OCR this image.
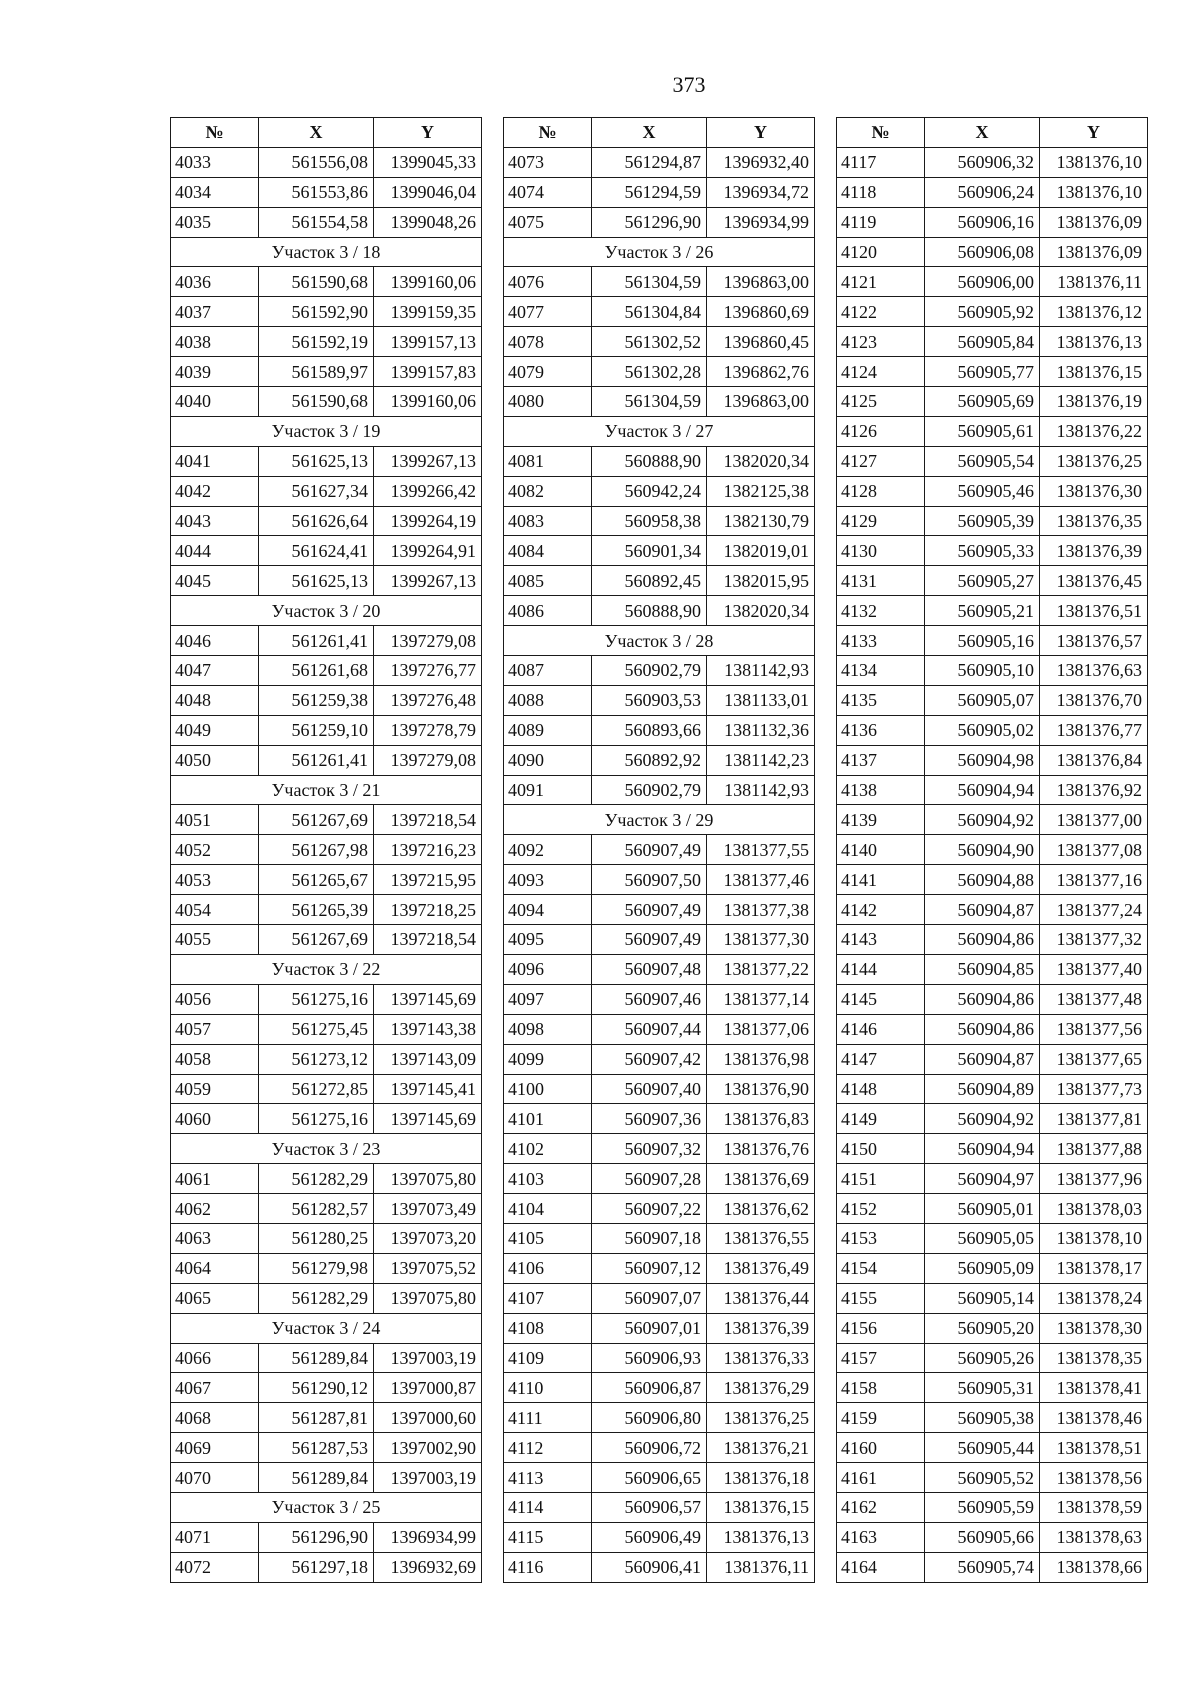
373
№	X	Y
4033	561556,08	1399045,33
4034	561553,86	1399046,04
4035	561554,58	1399048,26
Участок 3 / 18		
4036	561590,68	1399160,06
4037	561592,90	1399159,35
4038	561592,19	1399157,13
4039	561589,97	1399157,83
4040	561590,68	1399160,06
Участок 3 / 19		
4041	561625,13	1399267,13
4042	561627,34	1399266,42
4043	561626,64	1399264,19
4044	561624,41	1399264,91
4045	561625,13	1399267,13
Участок 3 / 20		
4046	561261,41	1397279,08
4047	561261,68	1397276,77
4048	561259,38	1397276,48
4049	561259,10	1397278,79
4050	561261,41	1397279,08
Участок 3 / 21		
4051	561267,69	1397218,54
4052	561267,98	1397216,23
4053	561265,67	1397215,95
4054	561265,39	1397218,25
4055	561267,69	1397218,54
Участок 3 / 22		
4056	561275,16	1397145,69
4057	561275,45	1397143,38
4058	561273,12	1397143,09
4059	561272,85	1397145,41
4060	561275,16	1397145,69
Участок 3 / 23		
4061	561282,29	1397075,80
4062	561282,57	1397073,49
4063	561280,25	1397073,20
4064	561279,98	1397075,52
4065	561282,29	1397075,80
Участок 3 / 24		
4066	561289,84	1397003,19
4067	561290,12	1397000,87
4068	561287,81	1397000,60
4069	561287,53	1397002,90
4070	561289,84	1397003,19
Участок 3 / 25		
4071	561296,90	1396934,99
4072	561297,18	1396932,69
№	X	Y
4073	561294,87	1396932,40
4074	561294,59	1396934,72
4075	561296,90	1396934,99
Участок 3 / 26		
4076	561304,59	1396863,00
4077	561304,84	1396860,69
4078	561302,52	1396860,45
4079	561302,28	1396862,76
4080	561304,59	1396863,00
Участок 3 / 27		
4081	560888,90	1382020,34
4082	560942,24	1382125,38
4083	560958,38	1382130,79
4084	560901,34	1382019,01
4085	560892,45	1382015,95
4086	560888,90	1382020,34
Участок 3 / 28		
4087	560902,79	1381142,93
4088	560903,53	1381133,01
4089	560893,66	1381132,36
4090	560892,92	1381142,23
4091	560902,79	1381142,93
Участок 3 / 29		
4092	560907,49	1381377,55
4093	560907,50	1381377,46
4094	560907,49	1381377,38
4095	560907,49	1381377,30
4096	560907,48	1381377,22
4097	560907,46	1381377,14
4098	560907,44	1381377,06
4099	560907,42	1381376,98
4100	560907,40	1381376,90
4101	560907,36	1381376,83
4102	560907,32	1381376,76
4103	560907,28	1381376,69
4104	560907,22	1381376,62
4105	560907,18	1381376,55
4106	560907,12	1381376,49
4107	560907,07	1381376,44
4108	560907,01	1381376,39
4109	560906,93	1381376,33
4110	560906,87	1381376,29
4111	560906,80	1381376,25
4112	560906,72	1381376,21
4113	560906,65	1381376,18
4114	560906,57	1381376,15
4115	560906,49	1381376,13
4116	560906,41	1381376,11
№	X	Y
4117	560906,32	1381376,10
4118	560906,24	1381376,10
4119	560906,16	1381376,09
4120	560906,08	1381376,09
4121	560906,00	1381376,11
4122	560905,92	1381376,12
4123	560905,84	1381376,13
4124	560905,77	1381376,15
4125	560905,69	1381376,19
4126	560905,61	1381376,22
4127	560905,54	1381376,25
4128	560905,46	1381376,30
4129	560905,39	1381376,35
4130	560905,33	1381376,39
4131	560905,27	1381376,45
4132	560905,21	1381376,51
4133	560905,16	1381376,57
4134	560905,10	1381376,63
4135	560905,07	1381376,70
4136	560905,02	1381376,77
4137	560904,98	1381376,84
4138	560904,94	1381376,92
4139	560904,92	1381377,00
4140	560904,90	1381377,08
4141	560904,88	1381377,16
4142	560904,87	1381377,24
4143	560904,86	1381377,32
4144	560904,85	1381377,40
4145	560904,86	1381377,48
4146	560904,86	1381377,56
4147	560904,87	1381377,65
4148	560904,89	1381377,73
4149	560904,92	1381377,81
4150	560904,94	1381377,88
4151	560904,97	1381377,96
4152	560905,01	1381378,03
4153	560905,05	1381378,10
4154	560905,09	1381378,17
4155	560905,14	1381378,24
4156	560905,20	1381378,30
4157	560905,26	1381378,35
4158	560905,31	1381378,41
4159	560905,38	1381378,46
4160	560905,44	1381378,51
4161	560905,52	1381378,56
4162	560905,59	1381378,59
4163	560905,66	1381378,63
4164	560905,74	1381378,66
